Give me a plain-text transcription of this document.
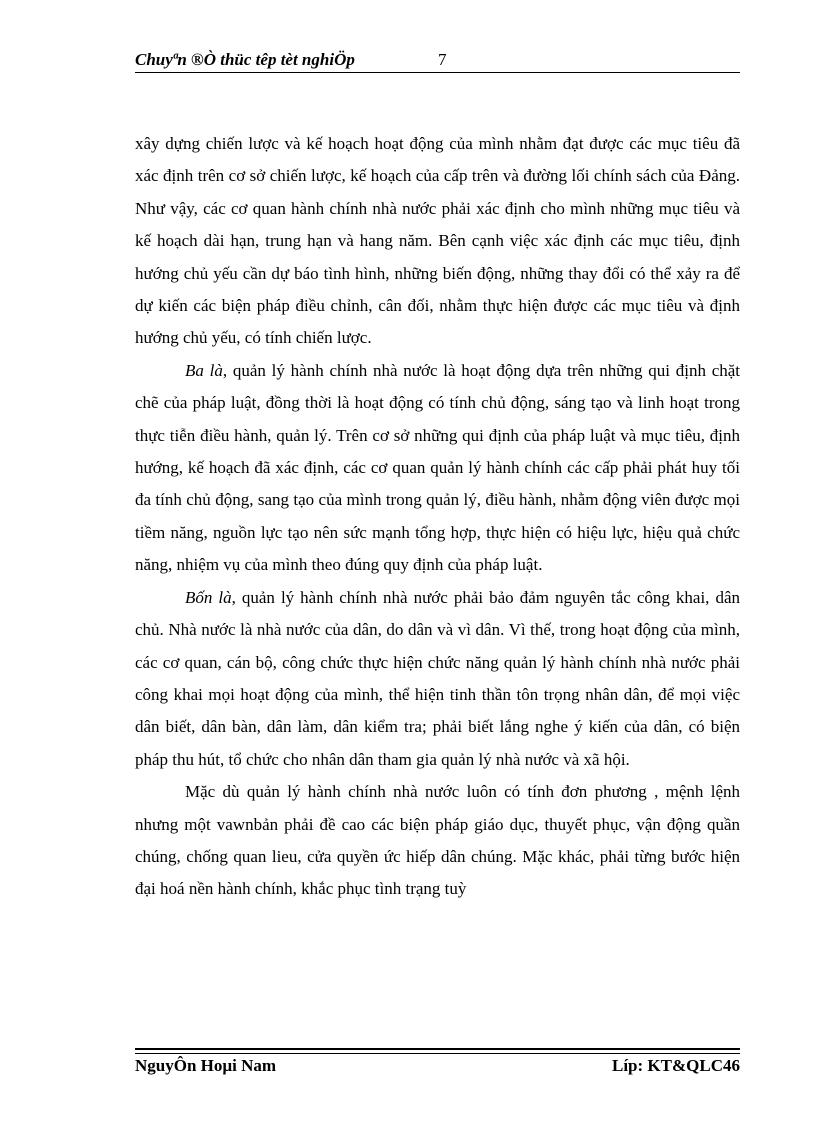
Chuyªn ®Ò thüc têp tèt nghiÖp	7

xây dựng chiến lược và kế hoạch hoạt động của mình nhằm đạt được các mục tiêu đã xác định trên cơ sở chiến lược, kế hoạch của cấp trên và đường lối chính sách của Đảng. Như vậy, các cơ quan hành chính nhà nước phải xác định cho mình những mục tiêu và kế hoạch dài hạn, trung hạn và hang năm. Bên cạnh việc xác định các mục tiêu, định hướng chủ yếu cần dự báo tình hình, những biến động, những thay đổi có thể xảy ra để dự kiến các biện pháp điều chỉnh, cân đối, nhằm thực hiện được các mục tiêu và định hướng chủ yếu, có tính chiến lược.

Ba là, quản lý hành chính nhà nước là hoạt động dựa trên những qui định chặt chẽ của pháp luật, đồng thời là hoạt động có tính chủ động, sáng tạo và linh hoạt trong thực tiễn điều hành, quản lý. Trên cơ sở những qui định của pháp luật và mục tiêu, định hướng, kế hoạch đã xác định, các cơ quan quản lý hành chính các cấp phải phát huy tối đa tính chủ động, sang tạo của mình trong quản lý, điều hành, nhằm động viên được mọi tiềm năng, nguồn lực tạo nên sức mạnh tổng hợp, thực hiện có hiệu lực, hiệu quả chức năng, nhiệm vụ của mình theo đúng quy định của pháp luật.

Bốn là, quản lý hành chính nhà nước phải bảo đảm nguyên tắc công khai, dân chủ. Nhà nước là nhà nước của dân, do dân và vì dân. Vì thế, trong hoạt động của mình, các cơ quan, cán bộ, công chức thực hiện chức năng quản lý hành chính nhà nước phải công khai mọi hoạt động của mình, thể hiện tinh thần tôn trọng nhân dân, để mọi việc dân biết, dân bàn, dân làm, dân kiểm tra; phải biết lắng nghe ý kiến của dân, có biện pháp thu hút, tổ chức cho nhân dân tham gia quản lý nhà nước và xã hội.

Mặc dù quản lý hành chính nhà nước luôn có tính đơn phương , mệnh lệnh nhưng một vawnbản phải đề cao các biện pháp giáo dục, thuyết phục, vận động quần chúng, chống quan lieu, cửa quyền ức hiếp dân chúng. Mặc khác, phải từng bước hiện đại hoá nền hành chính, khắc phục tình trạng tuỳ

NguyÔn Hoµi Nam	Líp: KT&QLC46
